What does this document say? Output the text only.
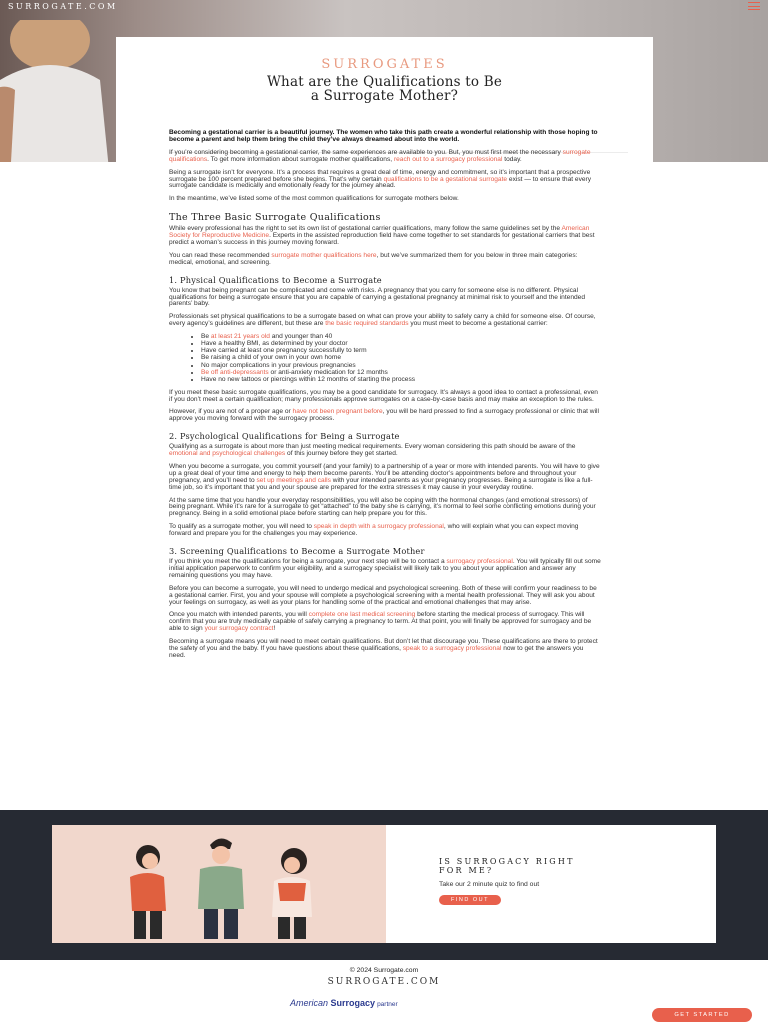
SURROGATE.COM
SURROGATES
What are the Qualifications to Be
a Surrogate Mother?

Becoming a gestational carrier is a beautiful journey. The women who take this path create a wonderful relationship with those hoping to become a parent and help them bring the child they’ve always dreamed about into the world.

If you’re considering becoming a gestational carrier, the same experiences are available to you. But, you must first meet the necessary surrogate qualifications. To get more information about surrogate mother qualifications, reach out to a surrogacy professional today.

Being a surrogate isn’t for everyone. It’s a process that requires a great deal of time, energy and commitment, so it’s important that a prospective surrogate be 100 percent prepared before she begins. That’s why certain qualifications to be a gestational surrogate exist — to ensure that every surrogate candidate is medically and emotionally ready for the journey ahead.

In the meantime, we’ve listed some of the most common qualifications for surrogate mothers below.

The Three Basic Surrogate Qualifications

While every professional has the right to set its own list of gestational carrier qualifications, many follow the same guidelines set by the American Society for Reproductive Medicine. Experts in the assisted reproduction field have come together to set standards for gestational carriers that best predict a woman’s success in this journey moving forward.

You can read these recommended surrogate mother qualifications here, but we’ve summarized them for you below in three main categories: medical, emotional, and screening.

1. Physical Qualifications to Become a Surrogate

You know that being pregnant can be complicated and come with risks. A pregnancy that you carry for someone else is no different. Physical qualifications for being a surrogate ensure that you are capable of carrying a gestational pregnancy at minimal risk to yourself and the intended parents’ baby.

Professionals set physical qualifications to be a surrogate based on what can prove your ability to safely carry a child for someone else. Of course, every agency’s guidelines are different, but these are the basic required standards you must meet to become a gestational carrier:

• Be at least 21 years old and younger than 40
• Have a healthy BMI, as determined by your doctor
• Have carried at least one pregnancy successfully to term
• Be raising a child of your own in your own home
• No major complications in your previous pregnancies
• Be off anti-depressants or anti-anxiety medication for 12 months
• Have no new tattoos or piercings within 12 months of starting the process

If you meet these basic surrogate qualifications, you may be a good candidate for surrogacy. It’s always a good idea to contact a professional, even if you don’t meet a certain qualification; many professionals approve surrogates on a case-by-case basis and may make an exception to the rules.

However, if you are not of a proper age or have not been pregnant before, you will be hard pressed to find a surrogacy professional or clinic that will approve you moving forward with the surrogacy process.

2. Psychological Qualifications for Being a Surrogate

Qualifying as a surrogate is about more than just meeting medical requirements. Every woman considering this path should be aware of the emotional and psychological challenges of this journey before they get started.

When you become a surrogate, you commit yourself (and your family) to a partnership of a year or more with intended parents. You will have to give up a great deal of your time and energy to help them become parents. You’ll be attending doctor’s appointments before and throughout your pregnancy, and you’ll need to set up meetings and calls with your intended parents as your pregnancy progresses. Being a surrogate is like a full-time job, so it’s important that you and your spouse are prepared for the extra stresses it may cause in your everyday routine.

At the same time that you handle your everyday responsibilities, you will also be coping with the hormonal changes (and emotional stressors) of being pregnant. While it’s rare for a surrogate to get “attached” to the baby she is carrying, it’s normal to feel some conflicting emotions during your pregnancy. Being in a solid emotional place before starting can help prepare you for this.

To qualify as a surrogate mother, you will need to speak in depth with a surrogacy professional, who will explain what you can expect moving forward and prepare you for the challenges you may experience.

3. Screening Qualifications to Become a Surrogate Mother

If you think you meet the qualifications for being a surrogate, your next step will be to contact a surrogacy professional. You will typically fill out some initial application paperwork to confirm your eligibility, and a surrogacy specialist will likely talk to you about your application and answer any remaining questions you may have.

Before you can become a surrogate, you will need to undergo medical and psychological screening. Both of these will confirm your readiness to be a gestational carrier. First, you and your spouse will complete a psychological screening with a mental health professional. They will ask you about your feelings on surrogacy, as well as your plans for handling some of the practical and emotional challenges that may arise.

Once you match with intended parents, you will complete one last medical screening before starting the medical process of surrogacy. This will confirm that you are truly medically capable of safely carrying a pregnancy to term. At that point, you will finally be approved for surrogacy and be able to sign your surrogacy contract!

Becoming a surrogate means you will need to meet certain qualifications. But don’t let that discourage you. These qualifications are there to protect the safety of you and the baby. If you have questions about these qualifications, speak to a surrogacy professional now to get the answers you need.

IS SURROGACY RIGHT
FOR ME?
Take our 2 minute quiz to find out
FIND OUT
© 2024 Surrogate.com
SURROGATE.COM
American Surrogacy partner
GET STARTED
